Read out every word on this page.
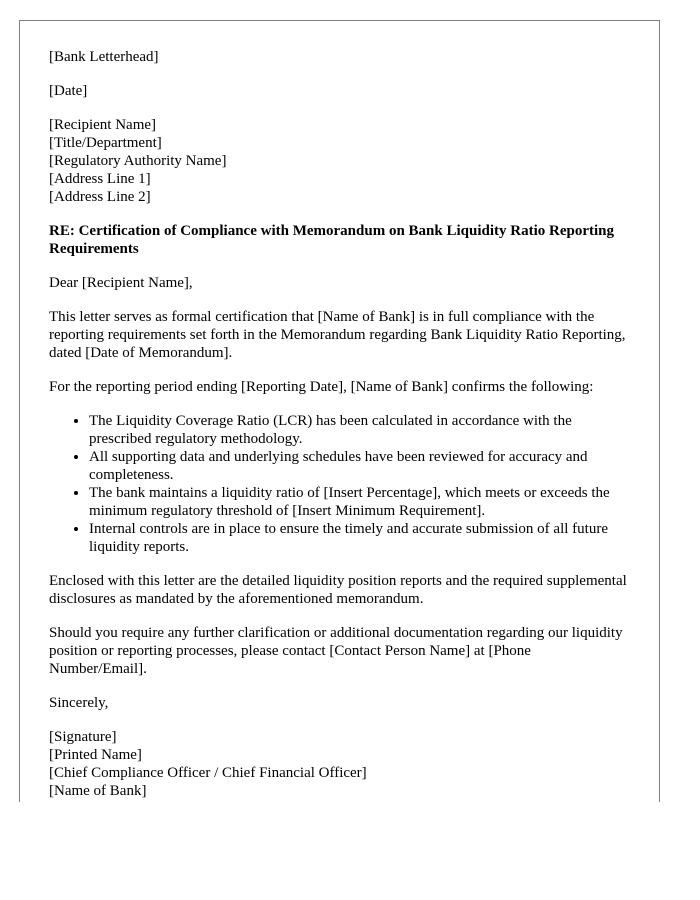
[Bank Letterhead]
[Date]
[Recipient Name]
[Title/Department]
[Regulatory Authority Name]
[Address Line 1]
[Address Line 2]
RE: Certification of Compliance with Memorandum on Bank Liquidity Ratio Reporting Requirements

Dear [Recipient Name],

This letter serves as formal certification that [Name of Bank] is in full compliance with the reporting requirements set forth in the Memorandum regarding Bank Liquidity Ratio Reporting, dated [Date of Memorandum].

For the reporting period ending [Reporting Date], [Name of Bank] confirms the following:

• The Liquidity Coverage Ratio (LCR) has been calculated in accordance with the prescribed regulatory methodology.
• All supporting data and underlying schedules have been reviewed for accuracy and completeness.
• The bank maintains a liquidity ratio of [Insert Percentage], which meets or exceeds the minimum regulatory threshold of [Insert Minimum Requirement].
• Internal controls are in place to ensure the timely and accurate submission of all future liquidity reports.

Enclosed with this letter are the detailed liquidity position reports and the required supplemental disclosures as mandated by the aforementioned memorandum.

Should you require any further clarification or additional documentation regarding our liquidity position or reporting processes, please contact [Contact Person Name] at [Phone Number/Email].

Sincerely,

[Signature]
[Printed Name]
[Chief Compliance Officer / Chief Financial Officer]
[Name of Bank]
